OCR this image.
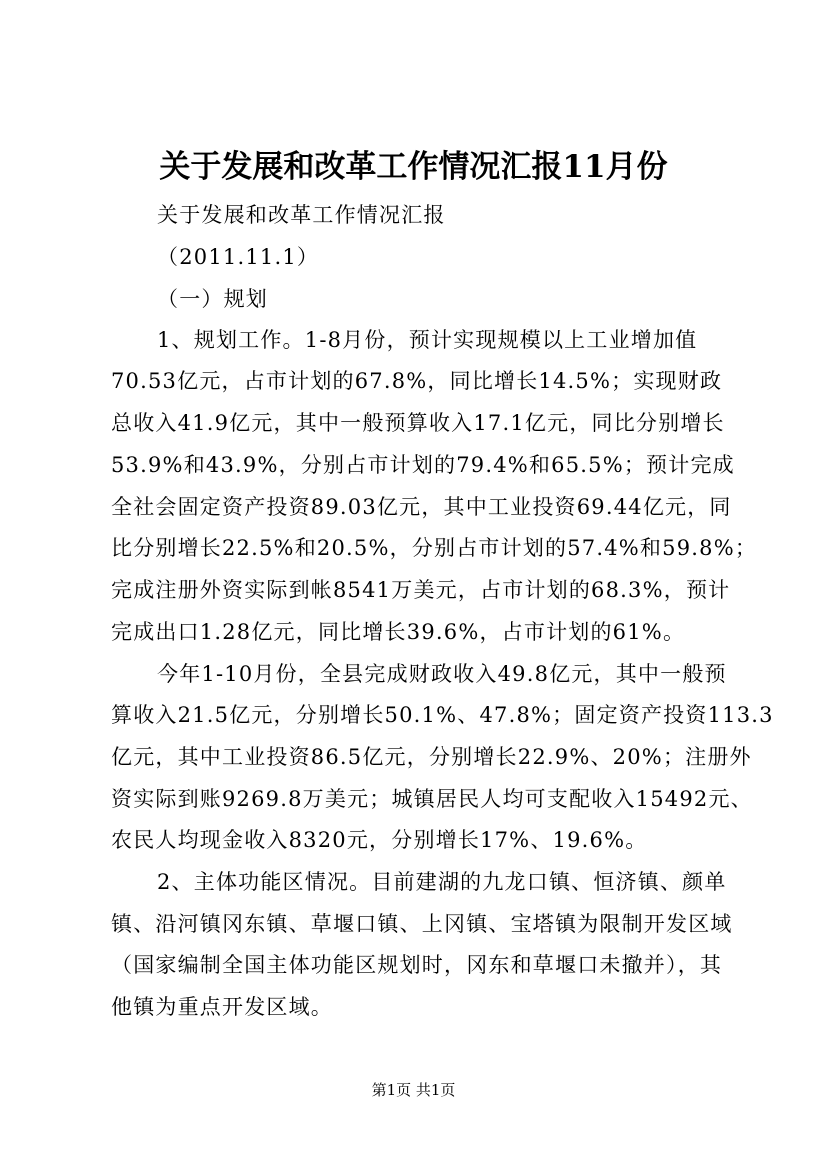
关于发展和改革工作情况汇报11月份
关于发展和改革工作情况汇报
（2011.11.1）
（一）规划
1、规划工作。1-8月份，预计实现规模以上工业增加值
70.53亿元，占市计划的67.8%，同比增长14.5%；实现财政
总收入41.9亿元，其中一般预算收入17.1亿元，同比分别增长
53.9%和43.9%，分别占市计划的79.4%和65.5%；预计完成
全社会固定资产投资89.03亿元，其中工业投资69.44亿元，同
比分别增长22.5%和20.5%，分别占市计划的57.4%和59.8%；
完成注册外资实际到帐8541万美元，占市计划的68.3%，预计
完成出口1.28亿元，同比增长39.6%，占市计划的61%。
今年1-10月份，全县完成财政收入49.8亿元，其中一般预
算收入21.5亿元，分别增长50.1%、47.8%；固定资产投资113.3
亿元，其中工业投资86.5亿元，分别增长22.9%、20%；注册外
资实际到账9269.8万美元；城镇居民人均可支配收入15492元、
农民人均现金收入8320元，分别增长17%、19.6%。
2、主体功能区情况。目前建湖的九龙口镇、恒济镇、颜单
镇、沿河镇冈东镇、草堰口镇、上冈镇、宝塔镇为限制开发区域
（国家编制全国主体功能区规划时，冈东和草堰口未撤并），其
他镇为重点开发区域。
第1页 共1页
